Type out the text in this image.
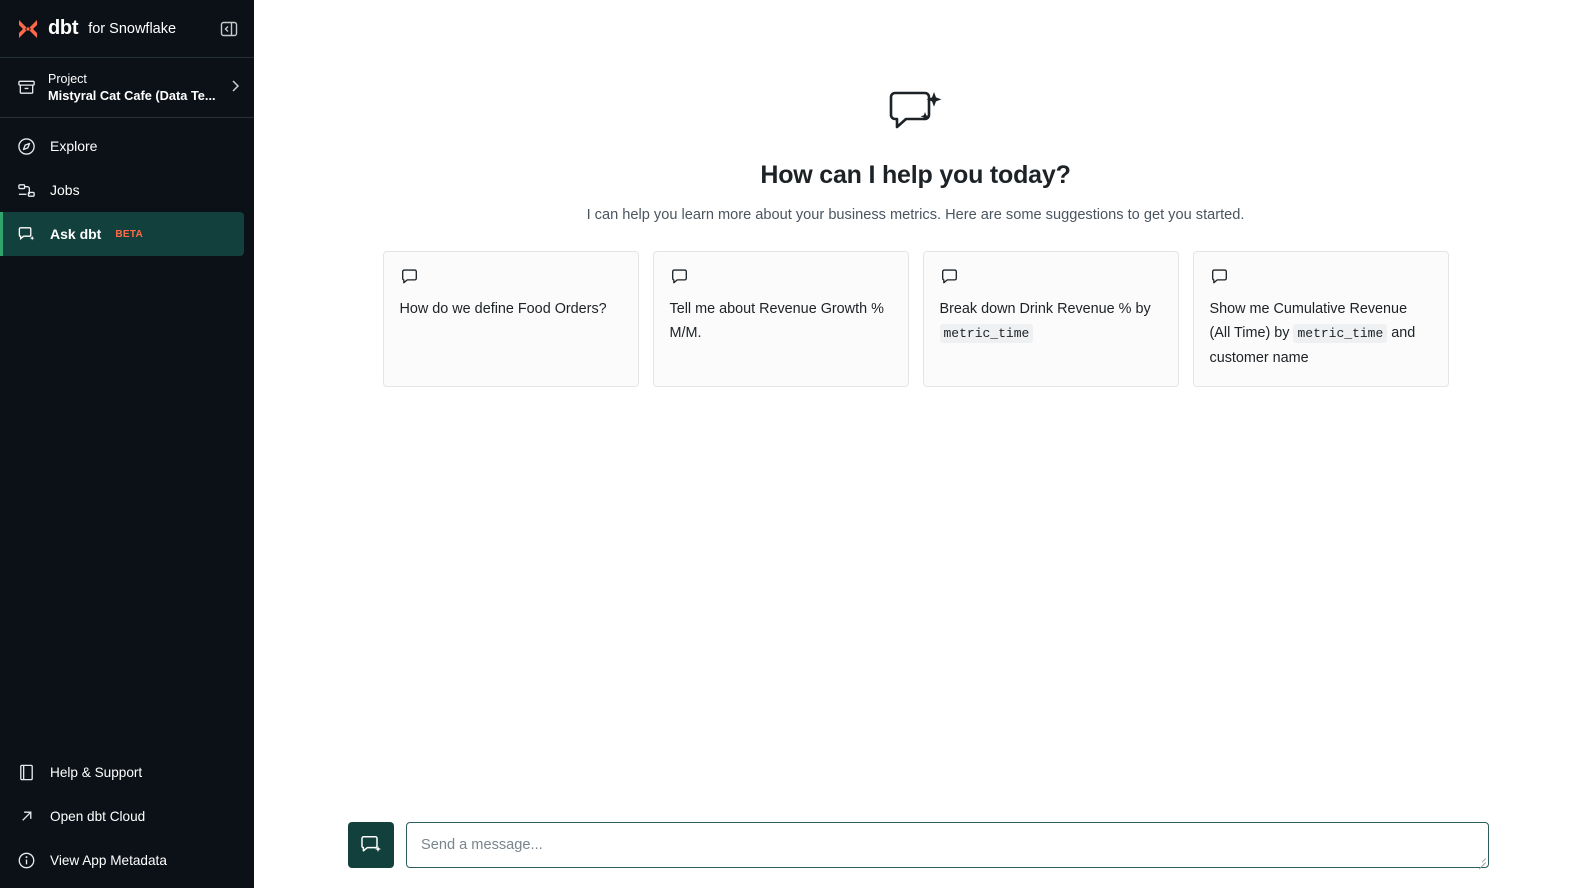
dbt for Snowflake
Project
Mistyral Cat Cafe (Data Te...
Explore
Jobs
Ask dbt BETA
Help & Support
Open dbt Cloud
View App Metadata
How can I help you today?

I can help you learn more about your business metrics. Here are some suggestions to get you started.

How do we define Food Orders?	Tell me about Revenue Growth % M/M.
Break down Drink Revenue % by metric_time
Show me Cumulative Revenue (All Time) by metric_time and customer name
Send a message...
